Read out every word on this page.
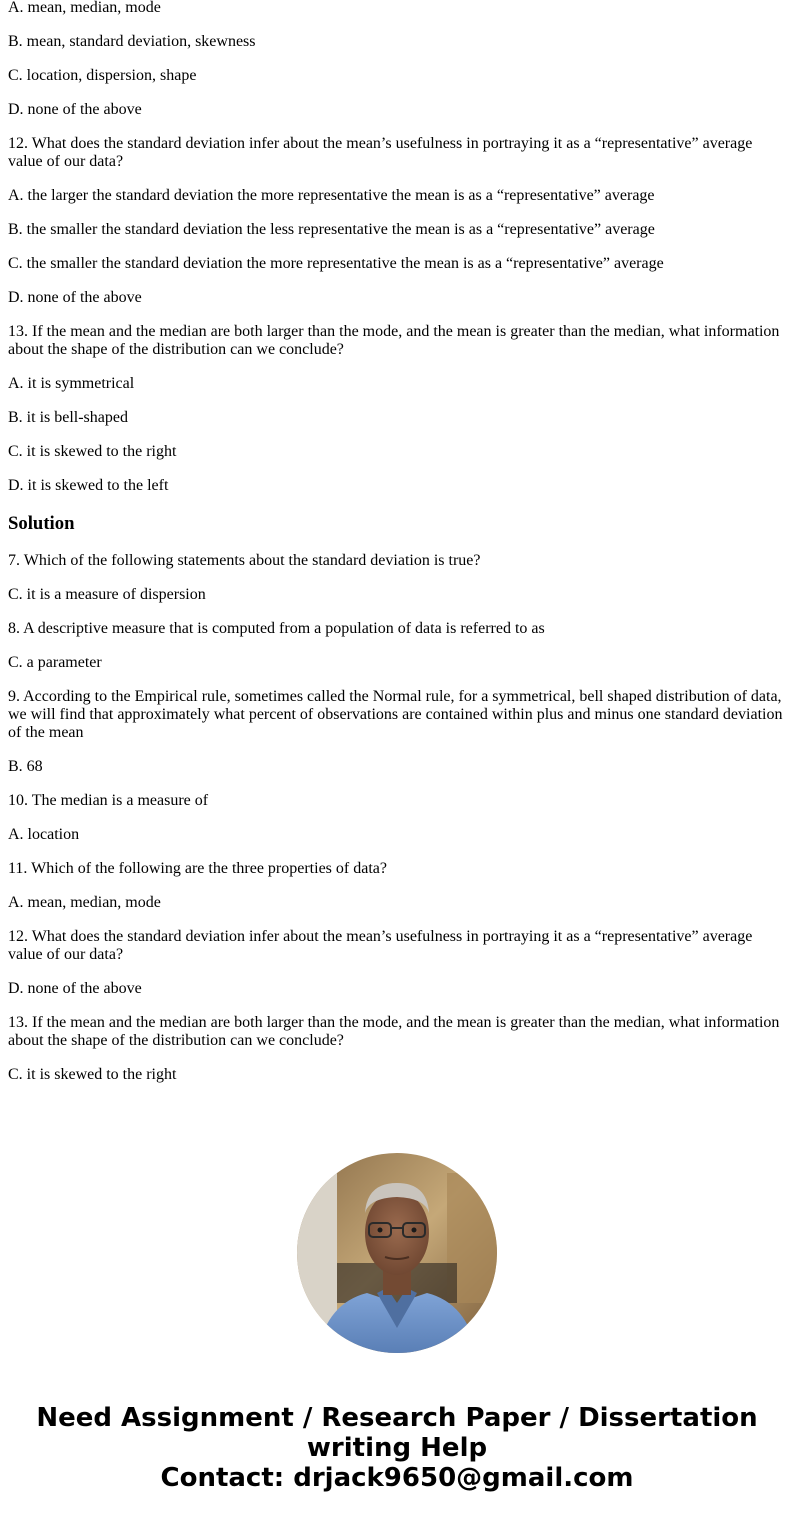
A. mean, median, mode

B. mean, standard deviation, skewness

C. location, dispersion, shape

D. none of the above

12. What does the standard deviation infer about the mean’s usefulness in portraying it as a “representative” average value of our data?

A. the larger the standard deviation the more representative the mean is as a “representative” average

B. the smaller the standard deviation the less representative the mean is as a “representative” average

C. the smaller the standard deviation the more representative the mean is as a “representative” average

D. none of the above

13. If the mean and the median are both larger than the mode, and the mean is greater than the median, what information about the shape of the distribution can we conclude?

A. it is symmetrical

B. it is bell-shaped

C. it is skewed to the right

D. it is skewed to the left

Solution

7. Which of the following statements about the standard deviation is true?

C. it is a measure of dispersion

8. A descriptive measure that is computed from a population of data is referred to as

C. a parameter

9. According to the Empirical rule, sometimes called the Normal rule, for a symmetrical, bell shaped distribution of data, we will find that approximately what percent of observations are contained within plus and minus one standard deviation of the mean

B. 68

10. The median is a measure of

A. location

11. Which of the following are the three properties of data?

A. mean, median, mode

12. What does the standard deviation infer about the mean’s usefulness in portraying it as a “representative” average value of our data?

D. none of the above

13. If the mean and the median are both larger than the mode, and the mean is greater than the median, what information about the shape of the distribution can we conclude?

C. it is skewed to the right

Need Assignment / Research Paper / Dissertation writing Help
Contact: drjack9650@gmail.com
